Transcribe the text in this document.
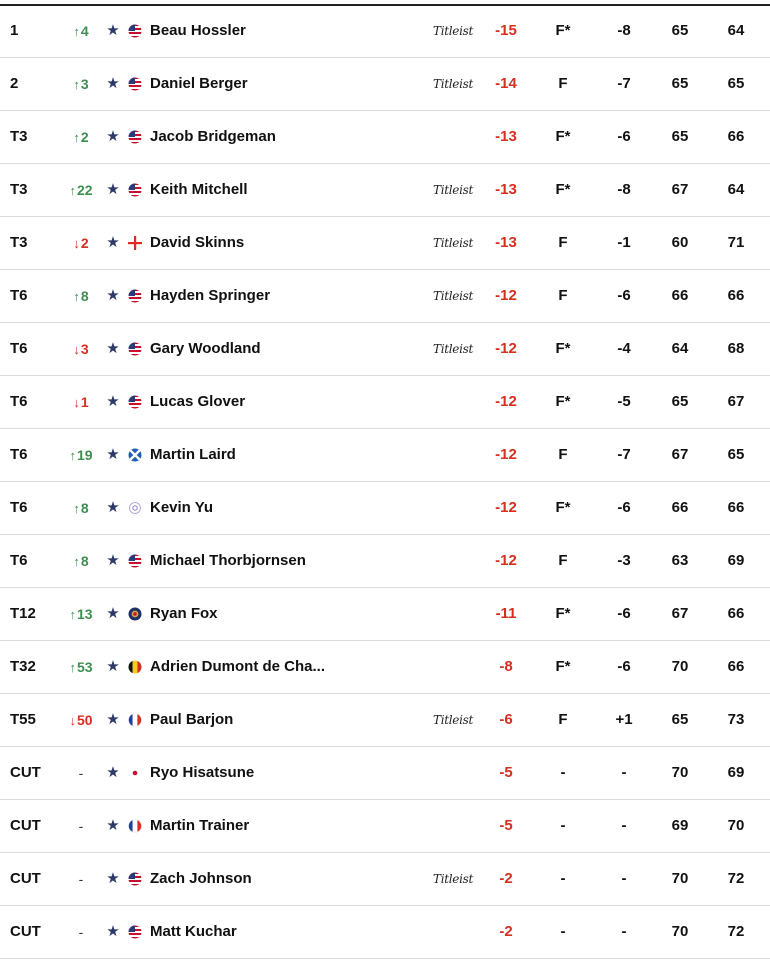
1	↑4	★ Beau Hossler	Titleist	-15	F*	-8	65	64
2	↑3	★ Daniel Berger	Titleist	-14	F	-7	65	65
T3	↑2	★ Jacob Bridgeman	-13	F*	-6	65	66
T3	↑22 ★ Keith Mitchell	Titleist	-13	F*	-8	67	64
T3	↓2	★ David Skinns	Titleist	-13	F	-1	60	71
T6	↑8	★ Hayden Springer	Titleist	-12	F	-6	66	66
T6	↓3	★ Gary Woodland	Titleist	-12	F*	-4	64	68
T6	↓1	★ Lucas Glover	-12	F*	-5	65	67
T6	↑19 ★ Martin Laird	-12	F	-7	67	65
T6	↑8	★ Kevin Yu	-12	F*	-6	66	66
T6	↑8	★ Michael Thorbjornsen	-12	F	-3	63	69
T12	↑13 ★ Ryan Fox	-11	F*	-6	67	66
T32	↑53 ★ Adrien Dumont de Cha...	-8	F*	-6	70	66
T55	↓50 ★ Paul Barjon	Titleist	-6	F	+1	65	73
CUT	-	★ Ryo Hisatsune	-5	-	-	70	69
CUT	-	★ Martin Trainer	-5	-	-	69	70
CUT	-	★ Zach Johnson	Titleist	-2	-	-	70	72
CUT	-	★ Matt Kuchar	-2	-	-	70	72
